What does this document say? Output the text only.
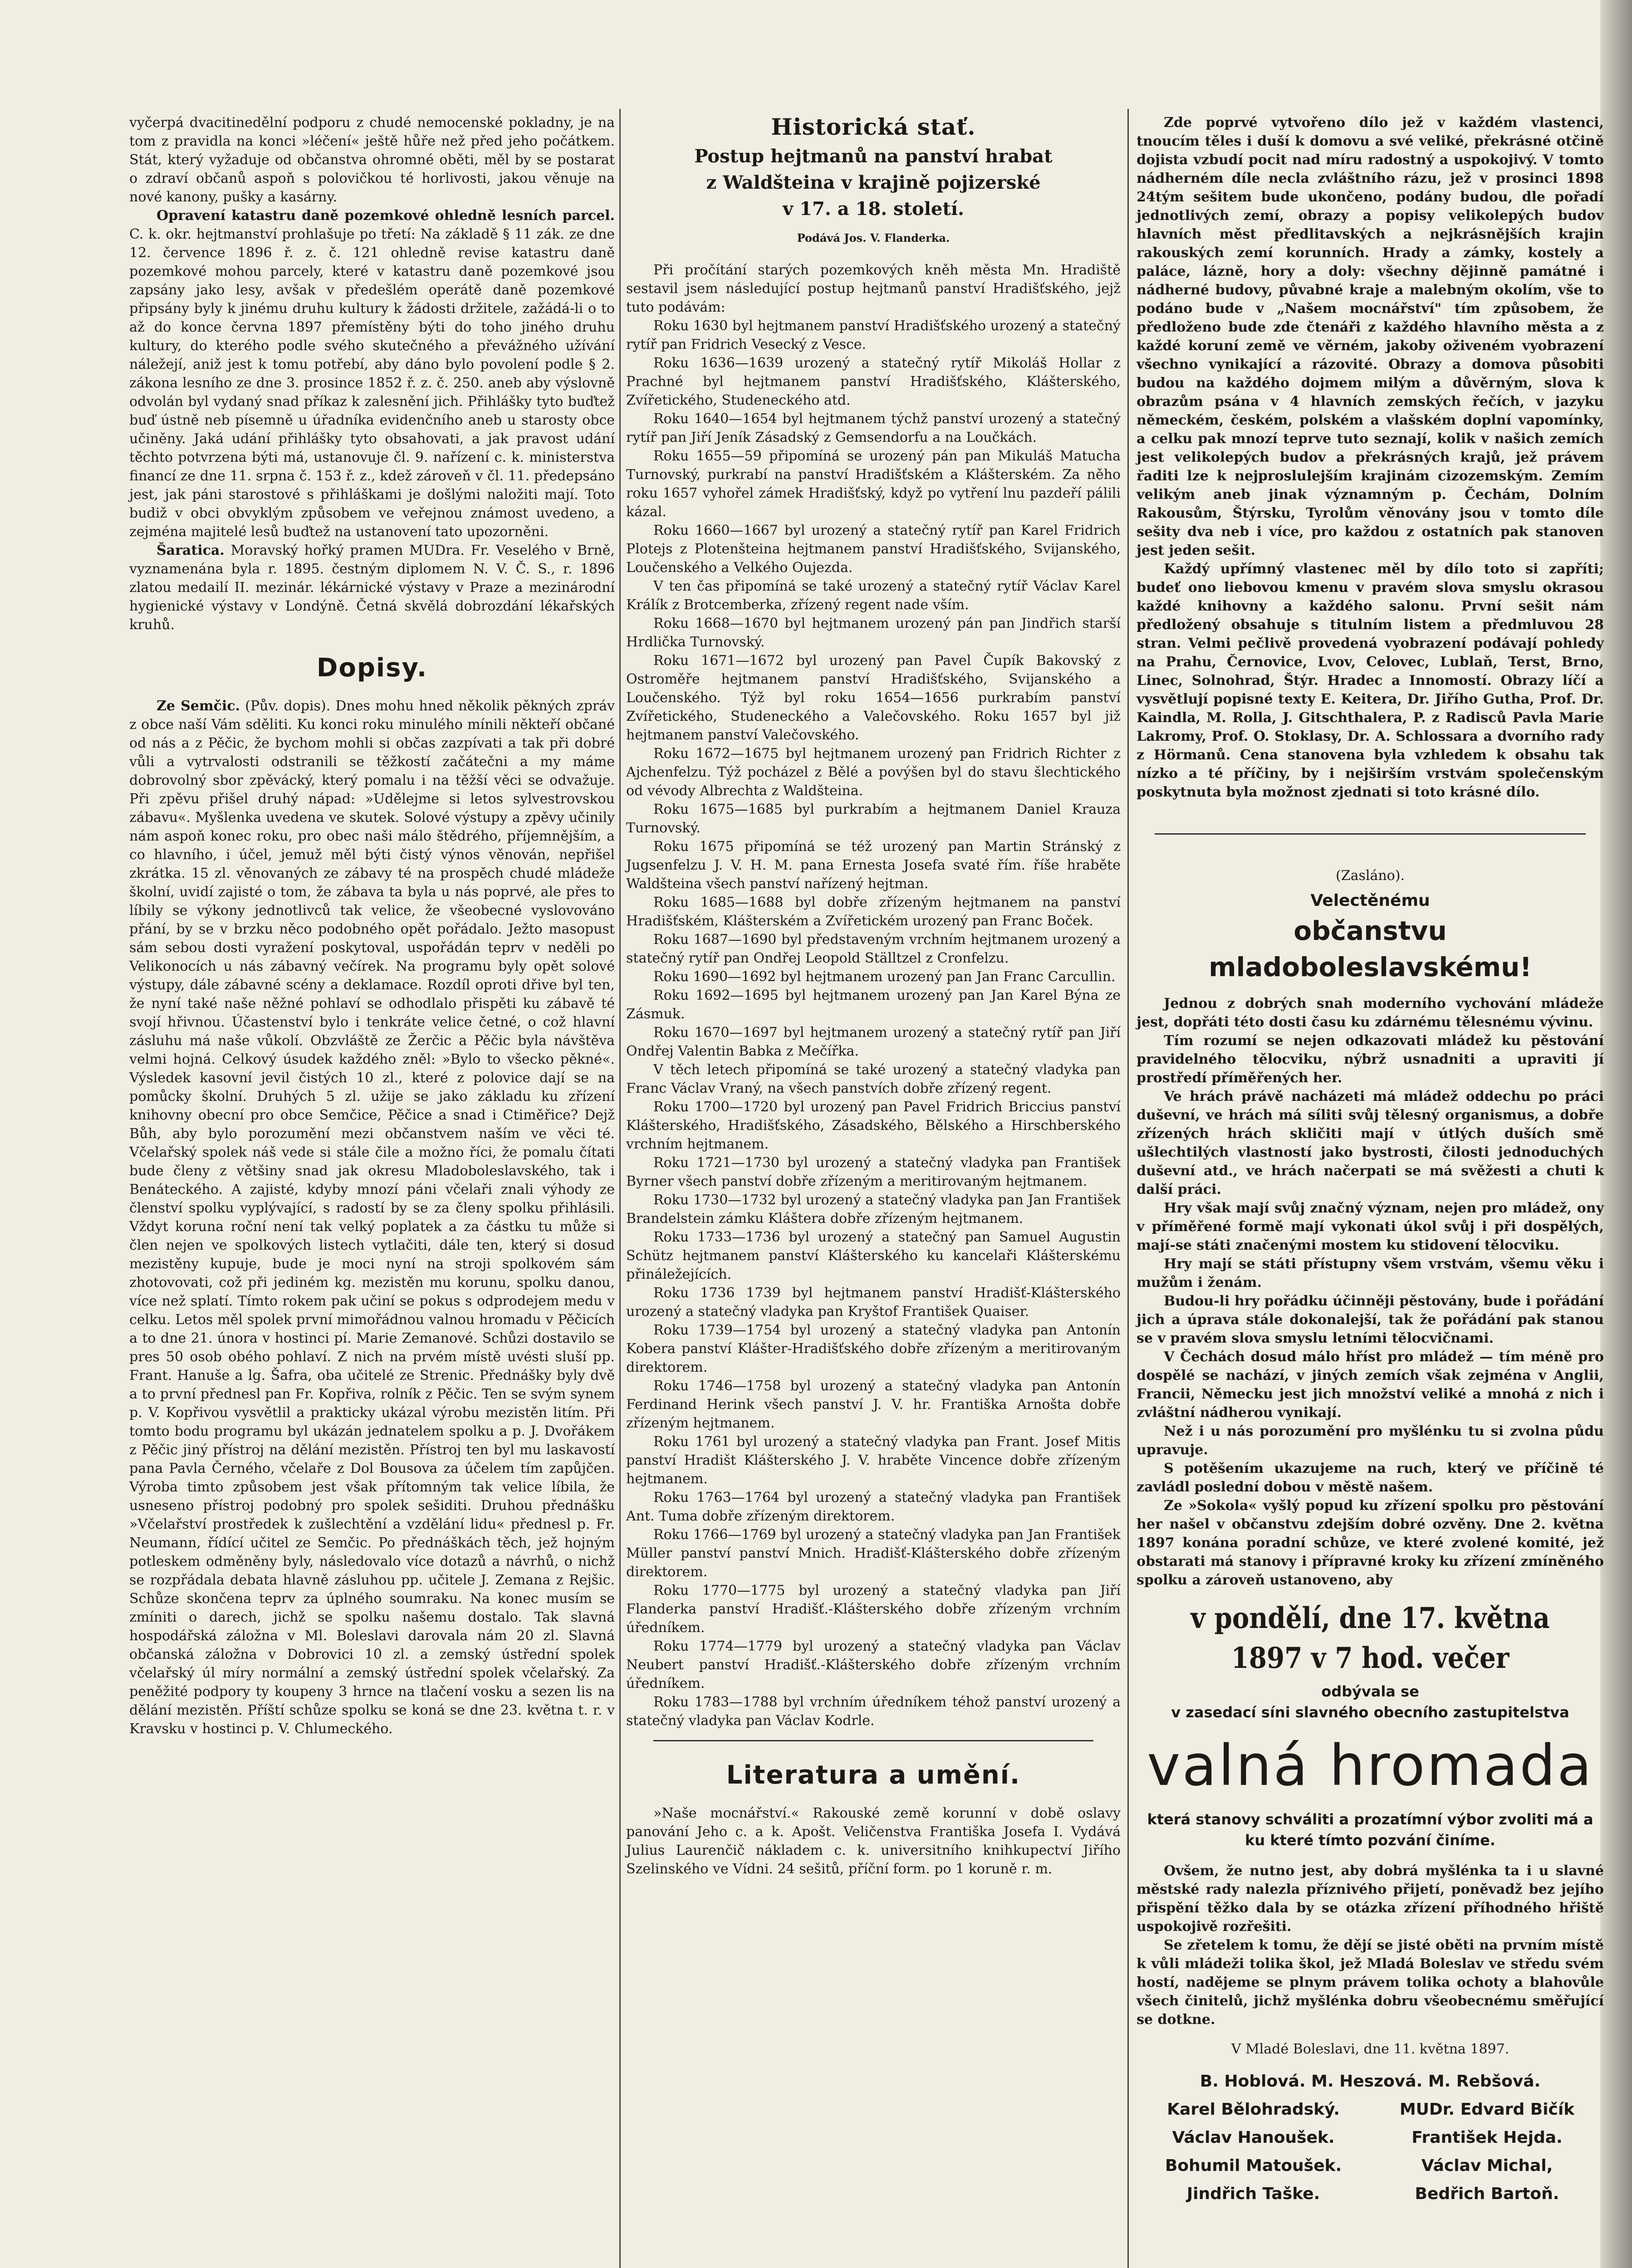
vyčerpá dvacitinedělní podporu z chudé nemocenské pokladny, je na tom z pravidla na konci »léčení« ještě hůře než před jeho počátkem. Stát, který vyžaduje od občanstva ohromné oběti, měl by se postarat o zdraví občanů aspoň s polovičkou té horlivosti, jakou věnuje na nové kanony, pušky a kasárny.

Opravení katastru daně pozemkové ohledně lesních parcel. C. k. okr. hejtmanství prohlašuje po třetí: Na základě § 11 zák. ze dne 12. července 1896 ř. z. č. 121 ohledně revise katastru daně pozemkové mohou parcely, které v katastru daně pozemkové jsou zapsány jako lesy, avšak v předešlém operátě daně pozemkové připsány byly k jinému druhu kultury k žádosti držitele, zažádá-li o to až do konce června 1897 přemístěny býti do toho jiného druhu kultury, do kterého podle svého skutečného a převážného užívání náležejí, aniž jest k tomu potřebí, aby dáno bylo povolení podle § 2. zákona lesního ze dne 3. prosince 1852 ř. z. č. 250. aneb aby výslovně odvolán byl vydaný snad příkaz k zalesnění jich. Přihlášky tyto buďtež buď ústně neb písemně u úřadníka evidenčního aneb u starosty obce učiněny. Jaká udání přihlášky tyto obsahovati, a jak pravost udání těchto potvrzena býti má, ustanovuje čl. 9. nařízení c. k. ministerstva financí ze dne 11. srpna č. 153 ř. z., kdež zároveň v čl. 11. předepsáno jest, jak páni starostové s přihláškami je došlými naložiti mají. Toto budiž v obci obvyklým způsobem ve veřejnou známost uvedeno, a zejména majitelé lesů buďtež na ustanovení tato upozorněni.

Šaratica. Moravský hořký pramen MUDra. Fr. Veselého v Brně, vyznamenána byla r. 1895. čestným diplomem N. V. Č. S., r. 1896 zlatou medailí II. mezinár. lékárnické výstavy v Praze a mezinárodní hygienické výstavy v Londýně. Četná skvělá dobrozdání lékařských kruhů.

Dopisy.

Ze Semčic. (Pův. dopis). Dnes mohu hned několik pěkných zpráv z obce naší Vám sděliti. Ku konci roku minulého mínili někteří občané od nás a z Pěčic, že bychom mohli si občas zazpívati a tak při dobré vůli a vytrvalosti odstranili se těžkostí začátečni a my máme dobrovolný sbor zpěvácký, který pomalu i na těžší věci se odvažuje. Při zpěvu přišel druhý nápad: »Udělejme si letos sylvestrovskou zábavu«. Myšlenka uvedena ve skutek. Solové výstupy a zpěvy učinily nám aspoň konec roku, pro obec naši málo štědrého, příjemnějším, a co hlavního, i účel, jemuž měl býti čistý výnos věnován, nepřišel zkrátka. 15 zl. věnovaných ze zábavy té na prospěch chudé mládeže školní, uvidí zajisté o tom, že zábava ta byla u nás poprvé, ale přes to líbily se výkony jednotlivců tak velice, že všeobecné vyslovováno přání, by se v brzku něco podobného opět pořádalo. Ježto masopust sám sebou dosti vyražení poskytoval, uspořádán teprv v neděli po Velikonocích u nás zábavný večírek. Na programu byly opět solové výstupy, dále zábavné scény a deklamace. Rozdíl oproti dřive byl ten, že nyní také naše něžné pohlaví se odhodlalo přispěti ku zábavě té svojí hřivnou. Účastenství bylo i tenkráte velice četné, o což hlavní zásluhu má naše vůkolí. Obzvláště ze Žerčic a Pěčic byla návštěva velmi hojná. Celkový úsudek každého zněl: »Bylo to všecko pěkné«. Výsledek kasovní jevil čistých 10 zl., které z polovice dají se na pomůcky školní. Druhých 5 zl. užije se jako základu ku zřízení knihovny obecní pro obce Semčice, Pěčice a snad i Ctiměřice? Dejž Bůh, aby bylo porozumění mezi občanstvem naším ve věci té. Včelařský spolek náš vede si stále čile a možno říci, že pomalu čítati bude členy z většiny snad jak okresu Mladoboleslavského, tak i Benáteckého. A zajisté, kdyby mnozí páni včelaři znali výhody ze členství spolku vyplývající, s radostí by se za členy spolku přihlásili. Vždyt koruna roční není tak velký poplatek a za částku tu může si člen nejen ve spolkových listech vytlačiti, dále ten, který si dosud mezistěny kupuje, bude je moci nyní na stroji spolkovém sám zhotovovati, což při jediném kg. mezistěn mu korunu, spolku danou, více než splatí. Tímto rokem pak učiní se pokus s odprodejem medu v celku. Letos měl spolek první mimořádnou valnou hromadu v Pěčicích a to dne 21. února v hostinci pí. Marie Zemanové. Schůzi dostavilo se pres 50 osob obého pohlaví. Z nich na prvém místě uvésti sluší pp. Frant. Hanuše a lg. Šafra, oba učitelé ze Strenic. Přednášky byly dvě a to první přednesl pan Fr. Kopřiva, rolník z Pěčic. Ten se svým synem p. V. Kopřivou vysvětlil a prakticky ukázal výrobu mezistěn litím. Při tomto bodu programu byl ukázán jednatelem spolku a p. J. Dvořákem z Pěčic jiný přístroj na dělání mezistěn. Přístroj ten byl mu laskavostí pana Pavla Černého, včelaře z Dol Bousova za účelem tím zapůjčen. Výroba timto způsobem jest však přítomným tak velice líbila, že usneseno přístroj podobný pro spolek sešiditi. Druhou přednášku »Včelařství prostředek k zušlechtění a vzdělání lidu« přednesl p. Fr. Neumann, řídící učitel ze Semčic. Po přednáškách těch, jež hojným potleskem odměněny byly, následovalo více dotazů a návrhů, o nichž se rozpřádala debata hlavně zásluhou pp. učitele J. Zemana z Rejšic. Schůze skončena teprv za úplného soumraku. Na konec musím se zmíniti o darech, jichž se spolku našemu dostalo. Tak slavná hospodářská záložna v Ml. Boleslavi darovala nám 20 zl. Slavná občanská záložna v Dobrovici 10 zl. a zemský ústřední spolek včelařský úl míry normální a zemský ústřední spolek včelařský. Za peněžité podpory ty koupeny 3 hrnce na tlačení vosku a sezen lis na dělání mezistěn. Příští schůze spolku se koná se dne 23. května t. r. v Kravsku v hostinci p. V. Chlumeckého.

Historická stať.
Postup hejtmanů na panství hrabat
z Waldšteina v krajině pojizerské
v 17. a 18. století.
Podává Jos. V. Flanderka.

Při pročítání starých pozemkových kněh města Mn. Hradiště sestavil jsem následující postup hejtmanů panství Hradišťského, jejž tuto podávám:

Roku 1630 byl hejtmanem panství Hradišťského urozený a statečný rytíř pan Fridrich Vesecký z Vesce.

Roku 1636—1639 urozený a statečný rytíř Mikoláš Hollar z Prachné byl hejtmanem panství Hradišťského, Klášterského, Zvířetického, Studeneckého atd.

Roku 1640—1654 byl hejtmanem týchž panství urozený a statečný rytíř pan Jiří Jeník Zásadský z Gemsendorfu a na Loučkách.

Roku 1655—59 připomíná se urozený pán pan Mikuláš Matucha Turnovský, purkrabí na panství Hradišťském a Klášterském. Za něho roku 1657 vyhořel zámek Hradišťský, když po vytření lnu pazdeří pálili kázal.

Roku 1660—1667 byl urozený a statečný rytíř pan Karel Fridrich Plotejs z Plotenšteina hejtmanem panství Hradišťského, Svijanského, Loučenského a Velkého Oujezda.

V ten čas připomíná se také urozený a statečný rytíř Václav Karel Králík z Brotcemberka, zřízený regent nade vším.

Roku 1668—1670 byl hejtmanem urozený pán pan Jindřich starší Hrdlička Turnovský.

Roku 1671—1672 byl urozený pan Pavel Čupík Bakovský z Ostroměře hejtmanem panství Hradišťského, Svijanského a Loučenského. Týž byl roku 1654—1656 purkrabím panství Zvířetického, Studeneckého a Valečovského. Roku 1657 byl již hejtmanem panství Valečovského.

Roku 1672—1675 byl hejtmanem urozený pan Fridrich Richter z Ajchenfelzu. Týž pocházel z Bělé a povýšen byl do stavu šlechtického od vévody Albrechta z Waldšteina.

Roku 1675—1685 byl purkrabím a hejtmanem Daniel Krauza Turnovský.

Roku 1675 připomíná se též urozený pan Martin Stránský z Jugsenfelzu J. V. H. M. pana Ernesta Josefa svaté řím. říše hraběte Waldšteina všech panství nařízený hejtman.

Roku 1685—1688 byl dobře zřízeným hejtmanem na panství Hradišťském, Klášterském a Zvířetickém urozený pan Franc Boček.

Roku 1687—1690 byl představeným vrchním hejtmanem urozený a statečný rytíř pan Ondřej Leopold Ställtzel z Cronfelzu.

Roku 1690—1692 byl hejtmanem urozený pan Jan Franc Carcullin.

Roku 1692—1695 byl hejtmanem urozený pan Jan Karel Býna ze Zásmuk.

Roku 1670—1697 byl hejtmanem urozený a statečný rytíř pan Jiří Ondřej Valentin Babka z Mečířka.

V těch letech připomíná se také urozený a statečný vladyka pan Franc Václav Vraný, na všech panstvích dobře zřízený regent.

Roku 1700—1720 byl urozený pan Pavel Fridrich Briccius panství Klášterského, Hradišťského, Zásadského, Bělského a Hirschberského vrchním hejtmanem.

Roku 1721—1730 byl urozený a statečný vladyka pan František Byrner všech panství dobře zřízeným a meritirovaným hejtmanem.

Roku 1730—1732 byl urozený a statečný vladyka pan Jan František Brandelstein zámku Klášterа dobře zřízeným hejtmanem.

Roku 1733—1736 byl urozený a statečný pan Samuel Augustin Schütz hejtmanem panství Klášterského ku kancelaři Klášterskému přináležejících.

Roku 1736 1739 byl hejtmanem panství Hradišť-Klášterského urozený a statečný vladyka pan Kryštof František Quaiser.

Roku 1739—1754 byl urozený a statečný vladyka pan Antonín Kobera panství Klášter-Hradišťského dobře zřízeným a meritirovaným direktorem.

Roku 1746—1758 byl urozený a statečný vladyka pan Antonín Ferdinand Herink všech panství J. V. hr. Františka Arnošta dobře zřízeným hejtmanem.

Roku 1761 byl urozený a statečný vladyka pan Frant. Josef Mitis panství Hradišt Klášterského J. V. hraběte Vincence dobře zřízeným hejtmanem.

Roku 1763—1764 byl urozený a statečný vladyka pan František Ant. Tuma dobře zřízeným direktorem.

Roku 1766—1769 byl urozený a statečný vladyka pan Jan František Müller panství panství Mnich. Hradišť-Klášterského dobře zřízeným direktorem.

Roku 1770—1775 byl urozený a statečný vladyka pan Jiří Flanderka panství Hradišť.-Klášterského dobře zřízeným vrchním úředníkem.

Roku 1774—1779 byl urozený a statečný vladyka pan Václav Neubert panství Hradišť.-Klášterského dobře zřízeným vrchním úředníkem.

Roku 1783—1788 byl vrchním úředníkem téhož panství urozený a statečný vladyka pan Václav Kodrle.

Literatura a umění.

»Naše mocnářství.« Rakouské země korunní v době oslavy panování Jeho c. a k. Apošt. Veličenstva Františka Josefa I. Vydává Julius Laurenčič nákladem c. k. universitního knihkupectví Jiřího Szelinského ve Vídni. 24 sešitů, příční form. po 1 koruně r. m.

Zde poprvé vytvořeno dílo jež v každém vlastenci, tnoucím těles i duší k domovu a své veliké, překrásné otčině dojista vzbudí pocit nad míru radostný a uspokojivý. V tomto nádherném díle necla zvláštního rázu, jež v prosinci 1898 24tým sešitem bude ukončeno, podány budou, dle pořadí jednotlivých zemí, obrazy a popisy velikolepých budov hlavních měst předlitavských a nejkrásnějších krajin rakouských zemí korunních. Hrady a zámky, kostely a paláce, lázně, hory a doly: všechny dějinně památné i nádherné budovy, půvabné kraje a malebným okolím, vše to podáno bude v „Našem mocnářství" tím způsobem, že předloženo bude zde čtenáři z každého hlavního města a z každé koruní země ve věrném, jakoby oživeném vyobrazení všechno vynikající a rázovité. Obrazy a domova působiti budou na každého dojmem milým a důvěrným, slova k obrazům psána v 4 hlavních zemských řečích, v jazyku německém, českém, polském a vlašském doplní vapomínky, a celku pak mnozí teprve tuto seznají, kolik v našich zemích jest velikolepých budov a překrásných krajů, jež právem řaditi lze k nejproslulejším krajinám cizozemským. Zemím velikým aneb jinak významným p. Čechám, Dolním Rakousům, Štýrsku, Tyrolům věnovány jsou v tomto díle sešity dva neb i více, pro každou z ostatních pak stanoven jest jeden sešit.

Každý upřímný vlastenec měl by dílo toto si zapříti; budeť ono liebovou kmenu v pravém slova smyslu okrasou každé knihovny a každého salonu. První sešit nám předložený obsahuje s titulním listem a předmluvou 28 stran. Velmi pečlivě provedená vyobrazení podávají pohledy na Prahu, Černovice, Lvov, Celovec, Lublaň, Terst, Brno, Linec, Solnohrad, Štýr. Hradec a Innomostí. Obrazy líčí a vysvětlují popisné texty E. Keitera, Dr. Jiřího Gutha, Prof. Dr. Kaindla, M. Rolla, J. Gitschthalera, P. z Radisců Pavla Marie Lakromy, Prof. O. Stoklasy, Dr. A. Schlossara a dvorního rady z Hörmanů. Cena stanovena byla vzhledem k obsahu tak nízko a té příčiny, by i nejširším vrstvám společenským poskytnuta byla možnost zjednati si toto krásné dílo.

(Zasláno).
Velectěnému
občanstvu mladoboleslavskému!

Jednou z dobrých snah moderního vychování mládeže jest, dopřáti této dosti času ku zdárnému tělesnému vývinu.

Tím rozumí se nejen odkazovati mládež ku pěstování pravidelného tělocviku, nýbrž usnadniti a upraviti jí prostředí příměřených her.

Ve hrách právě nacházeti má mládež oddechu po práci duševní, ve hrách má síliti svůj tělesný organismus, a dobře zřízených hrách skličiti mají v útlých duších smě ušlechtilých vlastností jako bystrosti, čilosti jednoduchých duševní atd., ve hrách načerpati se má svěžesti a chuti k další práci.

Hry však mají svůj značný význam, nejen pro mládež, ony v příměřené formě mají vykonati úkol svůj i při dospělých, mají-se státi značenými mostem ku stidovení tělocviku.

Hry mají se státi přístupny všem vrstvám, všemu věku i mužům i ženám.

Budou-li hry pořádku účinněji pěstovány, bude i pořádání jich a úprava stále dokonalejší, tak že pořádání pak stanou se v pravém slova smyslu letními tělocvičnami.

V Čechách dosud málo hříst pro mládež — tím méně pro dospělé se nachází, v jiných zemích však zejména v Anglii, Francii, Německu jest jich množství veliké a mnohá z nich i zvláštní nádherou vynikají.

Než i u nás porozumění pro myšlénku tu si zvolna půdu upravuje.

S potěšením ukazujeme na ruch, který ve příčině té zavládl poslední dobou v městě našem.

Ze »Sokola« vyšlý popud ku zřízení spolku pro pěstování her našel v občanstvu zdejším dobré ozvěny. Dne 2. května 1897 konána poradní schůze, ve které zvolené komité, jež obstarati má stanovy i přípravné kroky ku zřízení zmíněného spolku a zároveň ustanoveno, aby

v pondělí, dne 17. května 1897 v 7 hod. večer
odbývala se
v zasedací síni slavného obecního zastupitelstva
valná hromada
která stanovy schváliti a prozatímní výbor zvoliti má a ku které tímto pozvání činíme.

Ovšem, že nutno jest, aby dobrá myšlénka ta i u slavné městské rady nalezla příznivého přijetí, poněvadž bez jejího přispění těžko dala by se otázka zřízení příhodného hřiště uspokojivě rozřešiti.

Se zřetelem k tomu, že dějí se jisté oběti na prvním místě k vůli mládeži tolika škol, jež Mladá Boleslav ve středu svém hostí, nadějeme se plnym právem tolika ochoty a blahovůle všech činitelů, jichž myšlénka dobru všeobecnému směřující se dotkne.

V Mladé Boleslavi, dne 11. května 1897.
B. Hoblová. M. Heszová. M. Rebšová.
Karel Bělohradský.	MUDr. Edvard Bičík
Václav Hanoušek.	František Hejda.
Bohumil Matoušek.	Václav Michal,
Jindřich Taške.	Bedřich Bartoň.
